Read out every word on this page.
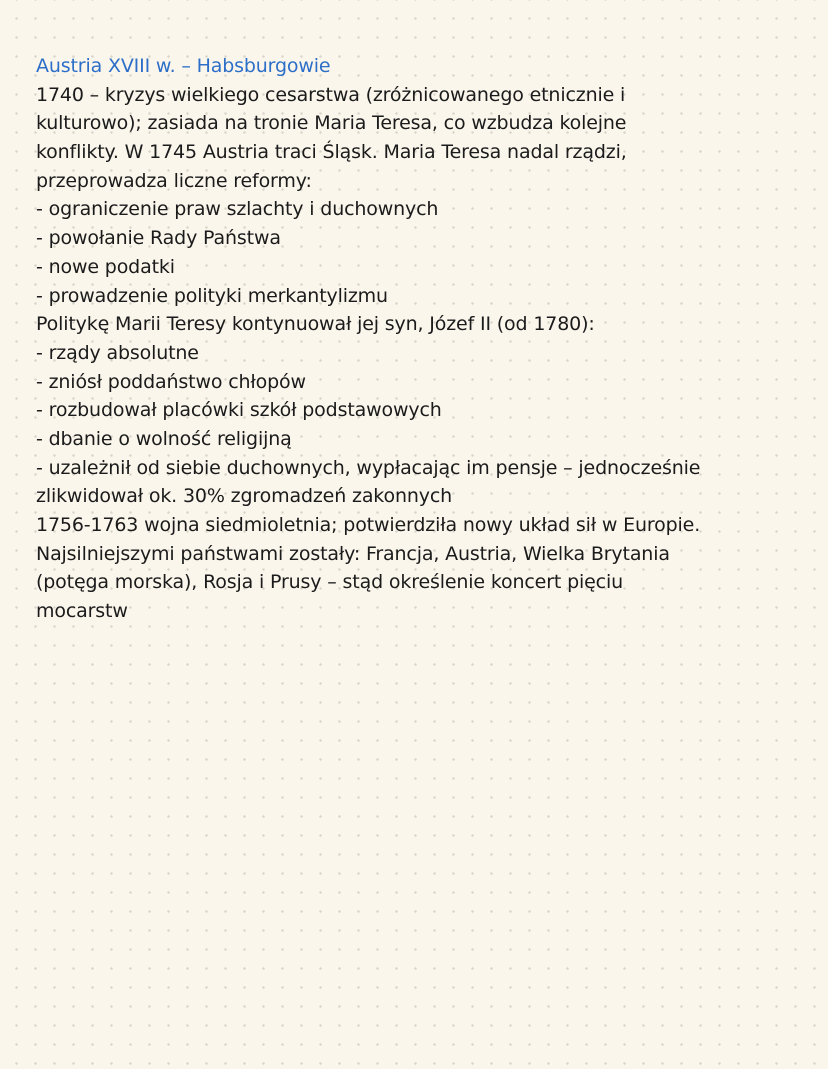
Austria XVIII w. – Habsburgowie
1740 – kryzys wielkiego cesarstwa (zróżnicowanego etnicznie i
kulturowo); zasiada na tronie Maria Teresa, co wzbudza kolejne
konflikty. W 1745 Austria traci Śląsk. Maria Teresa nadal rządzi,
przeprowadza liczne reformy:
- ograniczenie praw szlachty i duchownych
- powołanie Rady Państwa
- nowe podatki
- prowadzenie polityki merkantylizmu
Politykę Marii Teresy kontynuował jej syn, Józef II (od 1780):
- rządy absolutne
- zniósł poddaństwo chłopów
- rozbudował placówki szkół podstawowych
- dbanie o wolność religijną
- uzależnił od siebie duchownych, wypłacając im pensje – jednocześnie
zlikwidował ok. 30% zgromadzeń zakonnych
1756-1763 wojna siedmioletnia; potwierdziła nowy układ sił w Europie.
Najsilniejszymi państwami zostały: Francja, Austria, Wielka Brytania
(potęga morska), Rosja i Prusy – stąd określenie koncert pięciu
mocarstw
